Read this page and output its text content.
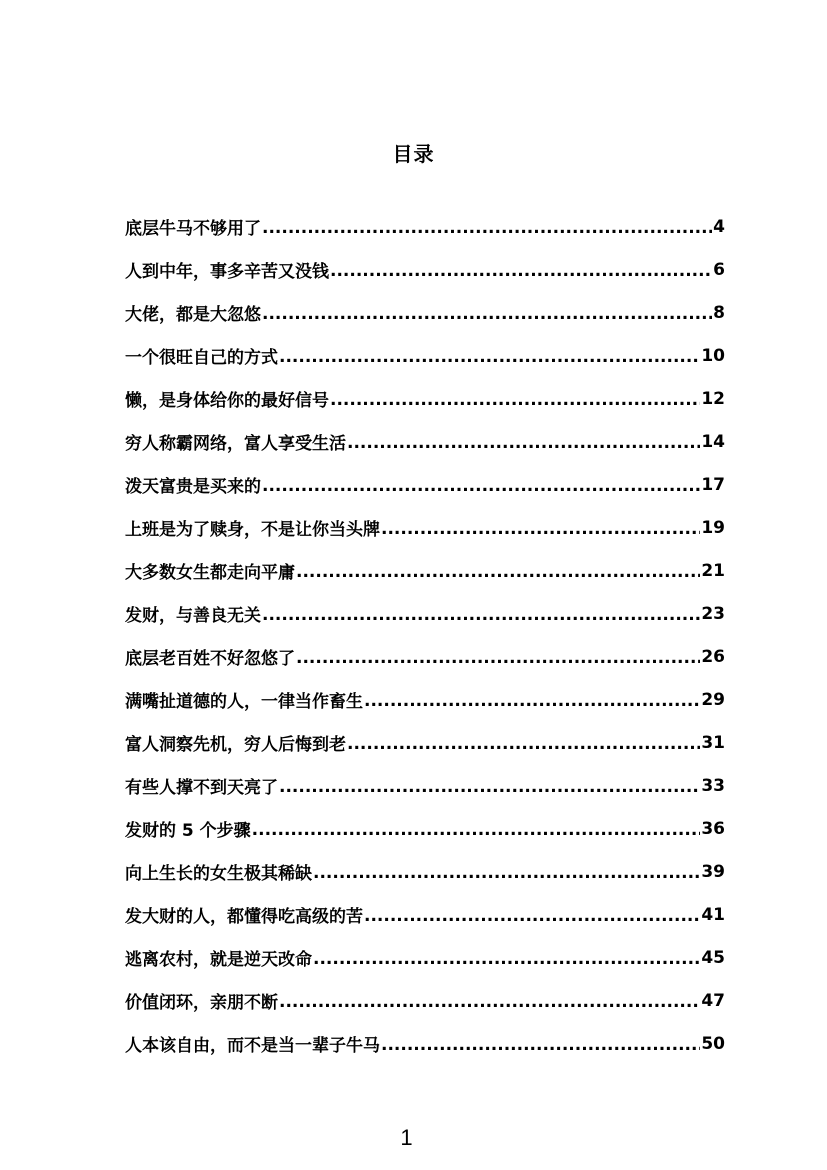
目录
底层牛马不够用了 .....	4
人到中年，事多辛苦又没钱 .....	6
大佬，都是大忽悠 .....	8
一个很旺自己的方式 .....	10
懒，是身体给你的最好信号 .....	12
穷人称霸网络，富人享受生活 .....	14
泼天富贵是买来的 .....	17
上班是为了赎身，不是让你当头牌 .....	19
大多数女生都走向平庸 .....	21
发财，与善良无关 .....	23
底层老百姓不好忽悠了 .....	26
满嘴扯道德的人，一律当作畜生 .....	29
富人洞察先机，穷人后悔到老 .....	31
有些人撑不到天亮了 .....	33
发财的 5 个步骤 .....	36
向上生长的女生极其稀缺 .....	39
发大财的人，都懂得吃高级的苦 .....	41
逃离农村，就是逆天改命 .....	45
价值闭环，亲朋不断 .....	47
人本该自由，而不是当一辈子牛马 .....	50
1
